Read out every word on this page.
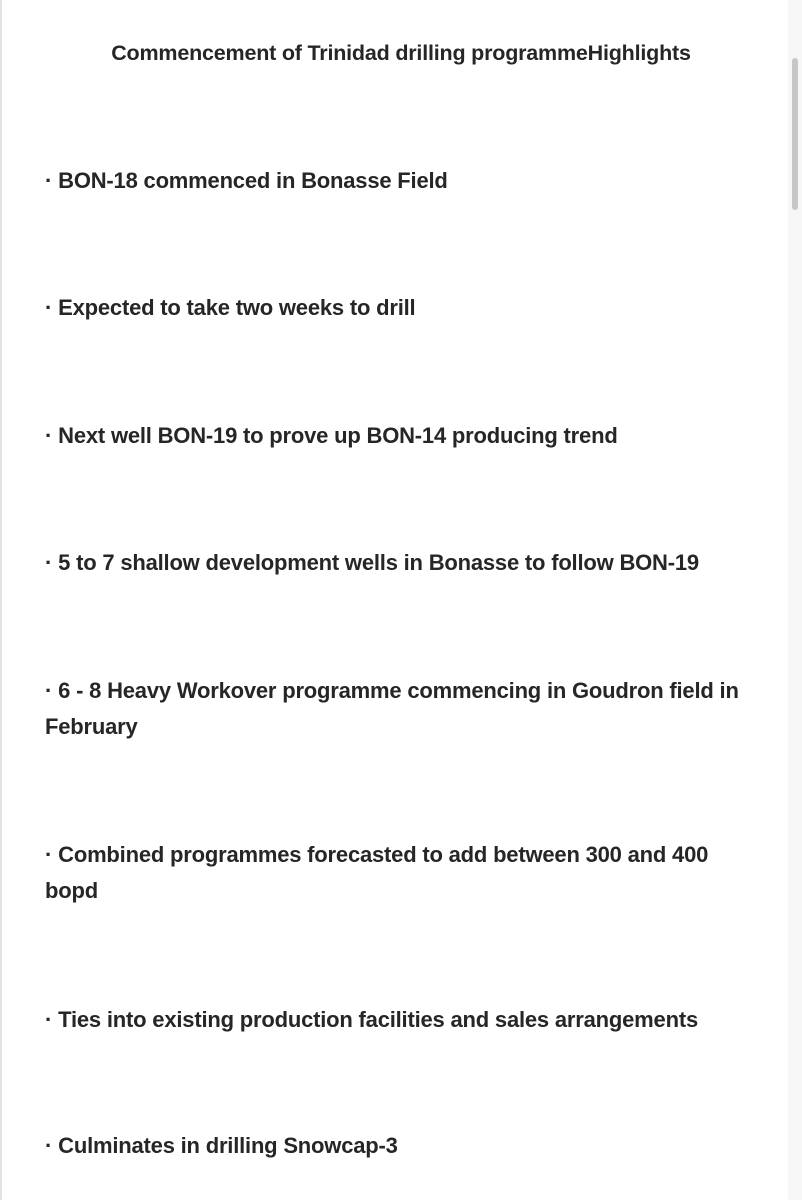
Commencement of Trinidad drilling programmeHighlights
· BON-18 commenced in Bonasse Field
· Expected to take two weeks to drill
· Next well BON-19 to prove up BON-14 producing trend
· 5 to 7 shallow development wells in Bonasse to follow BON-19
· 6 - 8 Heavy Workover programme commencing in Goudron field in February
· Combined programmes forecasted to add between 300 and 400 bopd
· Ties into existing production facilities and sales arrangements
· Culminates in drilling Snowcap-3
